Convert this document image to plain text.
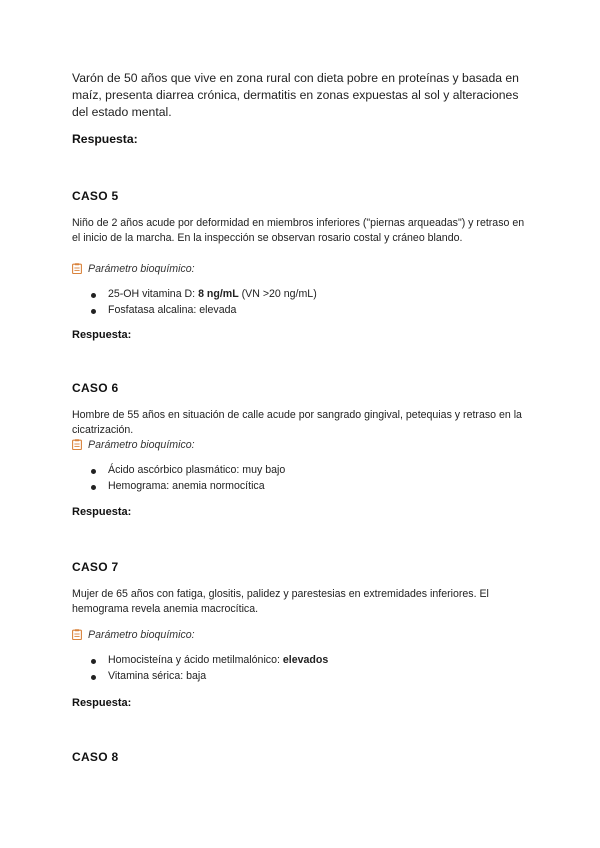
Varón de 50 años que vive en zona rural con dieta pobre en proteínas y basada en maíz, presenta diarrea crónica, dermatitis en zonas expuestas al sol y alteraciones del estado mental.
Respuesta:
CASO 5
Niño de 2 años acude por deformidad en miembros inferiores ("piernas arqueadas") y retraso en el inicio de la marcha. En la inspección se observan rosario costal y cráneo blando.
Parámetro bioquímico:
25-OH vitamina D: 8 ng/mL (VN >20 ng/mL)
Fosfatasa alcalina: elevada
Respuesta:
CASO 6
Hombre de 55 años en situación de calle acude por sangrado gingival, petequias y retraso en la cicatrización.
Parámetro bioquímico:
Ácido ascórbico plasmático: muy bajo
Hemograma: anemia normocítica
Respuesta:
CASO 7
Mujer de 65 años con fatiga, glositis, palidez y parestesias en extremidades inferiores. El hemograma revela anemia macrocítica.
Parámetro bioquímico:
Homocisteína y ácido metilmalónico: elevados
Vitamina sérica: baja
Respuesta:
CASO 8
